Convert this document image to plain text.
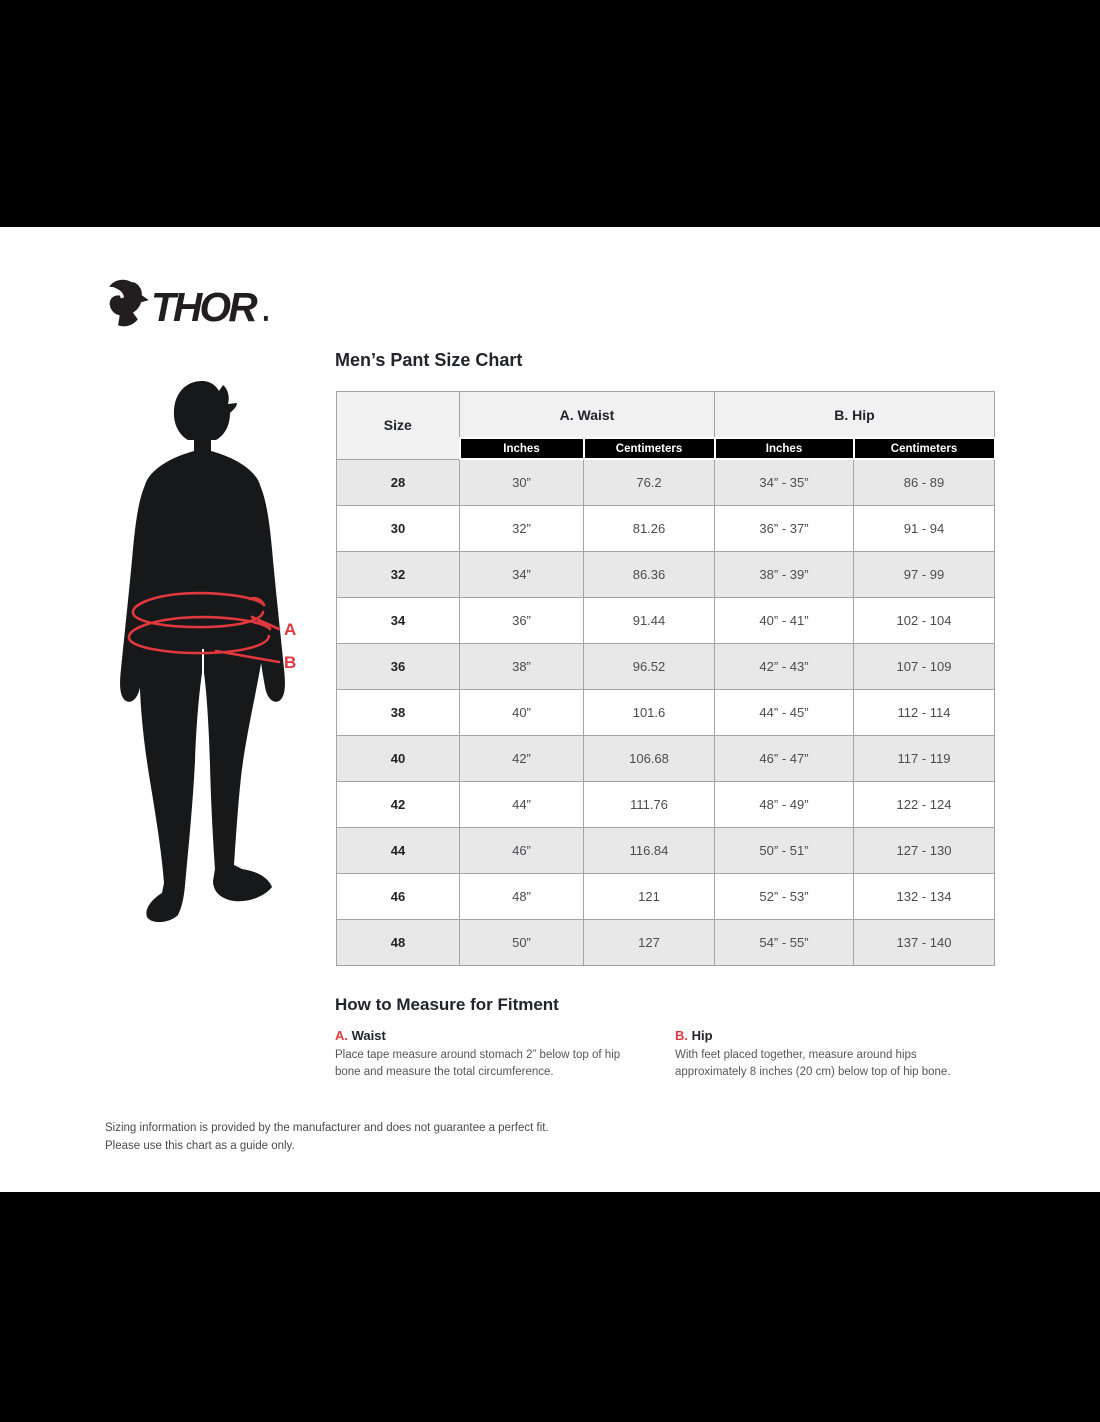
THOR
Men’s Pant Size Chart
A
B
Size	A. Waist		B. Hip	
	Inches	Centimeters	Inches	Centimeters
28	30”	76.2	34” - 35”	86 - 89
30	32”	81.26	36” - 37”	91 - 94
32	34”	86.36	38” - 39”	97 - 99
34	36”	91.44	40” - 41”	102 - 104
36	38”	96.52	42” - 43”	107 - 109
38	40”	101.6	44” - 45”	112 - 114
40	42”	106.68	46” - 47”	117 - 119
42	44”	111.76	48” - 49”	122 - 124
44	46”	116.84	50” - 51”	127 - 130
46	48”	121	52” - 53”	132 - 134
48	50”	127	54” - 55”	137 - 140
How to Measure for Fitment
A. Waist

Place tape measure around stomach 2” below top of hip bone and measure the total circumference.

B. Hip

With feet placed together, measure around hips approximately 8 inches (20 cm) below top of hip bone.

Sizing information is provided by the manufacturer and does not guarantee a perfect fit.
Please use this chart as a guide only.
